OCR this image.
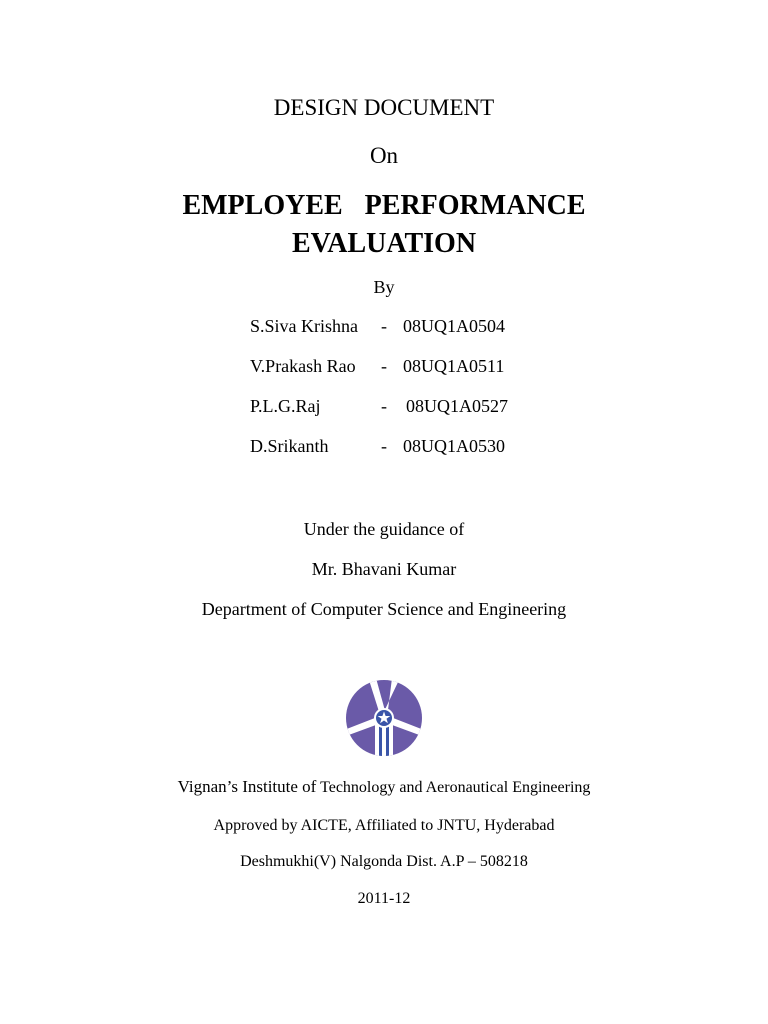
DESIGN DOCUMENT
On
EMPLOYEE  PERFORMANCE
EVALUATION
By
S.Siva Krishna - 08UQ1A0504
V.Prakash Rao - 08UQ1A0511
P.L.G.Raj	- 08UQ1A0527
D.Srikanth	- 08UQ1A0530
Under the guidance of
Mr. Bhavani Kumar
Department of Computer Science and Engineering
Vignan’s Institute of Technology and Aeronautical Engineering
Approved by AICTE, Affiliated to JNTU, Hyderabad
Deshmukhi(V) Nalgonda Dist. A.P – 508218
2011-12
